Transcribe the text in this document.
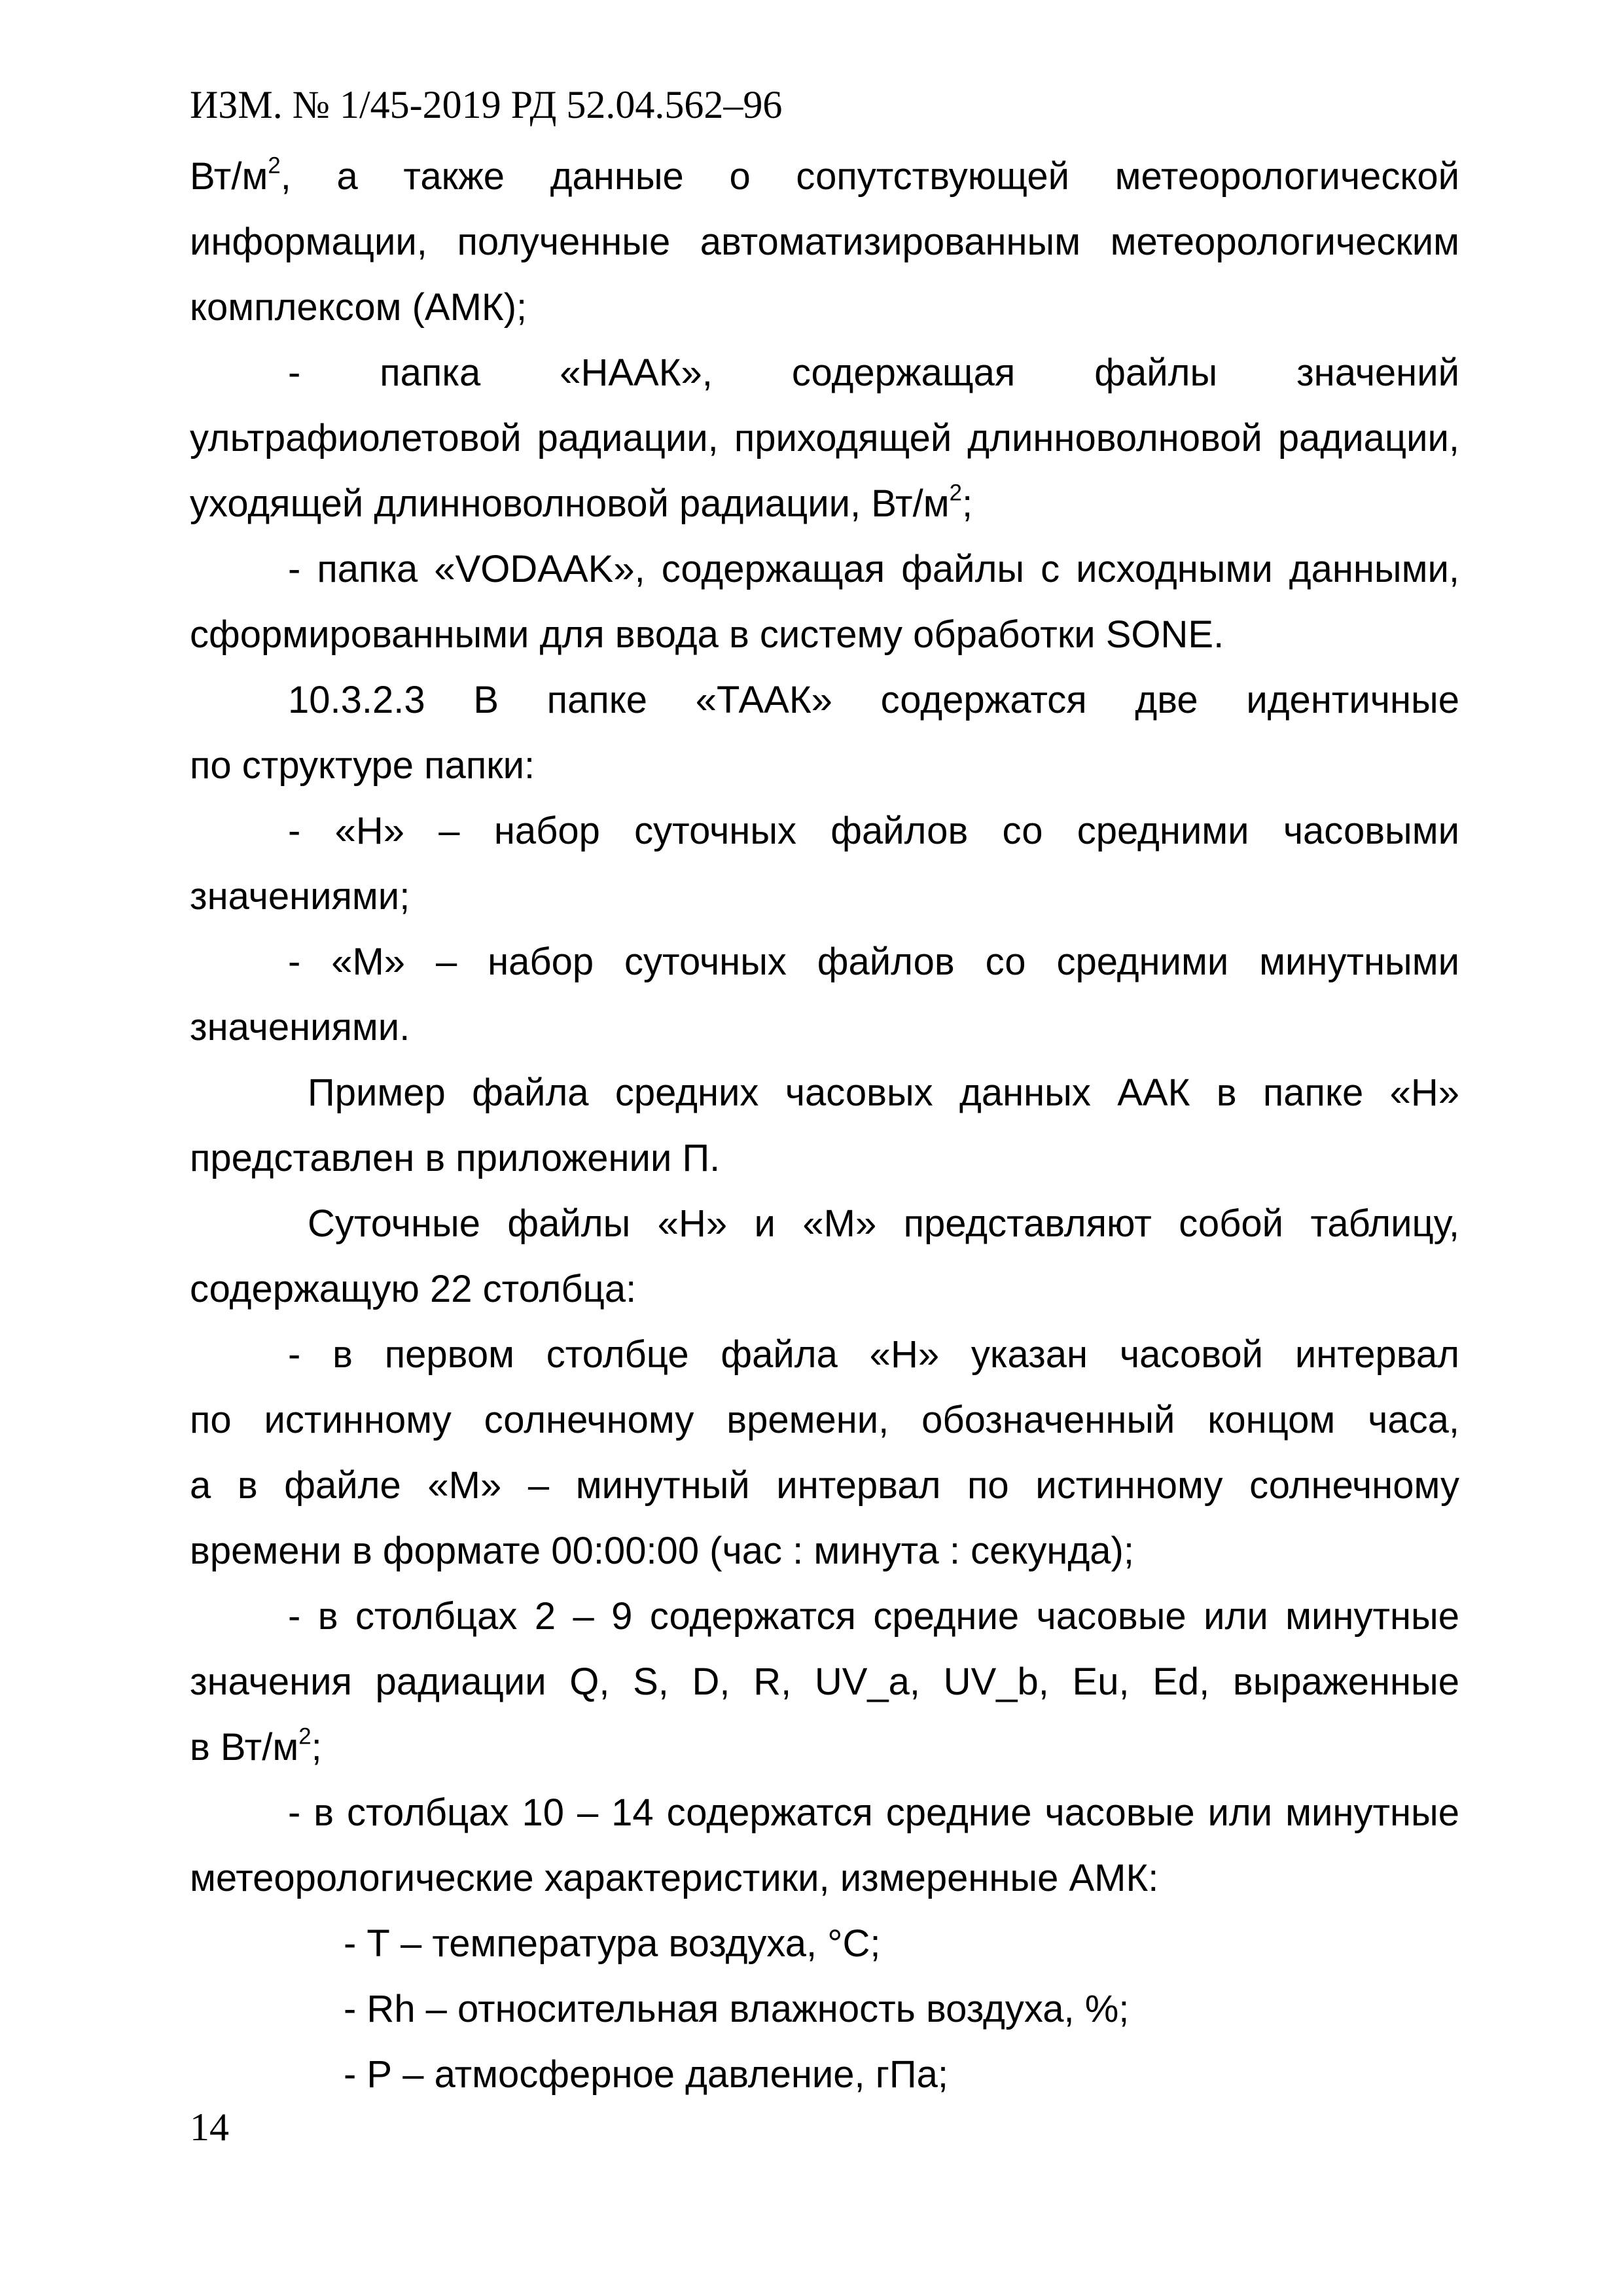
ИЗМ. № 1/45-2019 РД 52.04.562–96
$Вт/м^2$, а также данные о сопутствующей метеорологической
информации, полученные автоматизированным метеорологическим
комплексом (АМК);
- папка «НААК», содержащая файлы значений
ультрафиолетовой радиации, приходящей длинноволновой радиации,
уходящей длинноволновой радиации, $Вт/м^2$;
- папка «VODAAK», содержащая файлы с исходными данными,
сформированными для ввода в систему обработки SONE.
10.3.2.3 В папке «ТААК» содержатся две идентичные
по структуре папки:
- «Н» – набор суточных файлов со средними часовыми
значениями;
- «М» – набор суточных файлов со средними минутными
значениями.
Пример файла средних часовых данных ААК в папке «Н»
представлен в приложении П.
Суточные файлы «Н» и «М» представляют собой таблицу,
содержащую 22 столбца:
- в первом столбце файла «Н» указан часовой интервал
по истинному солнечному времени, обозначенный концом часа,
а в файле «М» – минутный интервал по истинному солнечному
времени в формате 00:00:00 (час : минута : секунда);
- в столбцах 2 – 9 содержатся средние часовые или минутные
значения радиации Q, S, D, R, UV_a, UV_b, Eu, Ed, выраженные
в $Вт/м^2$;
- в столбцах 10 – 14 содержатся средние часовые или минутные
метеорологические характеристики, измеренные АМК:
- Т – температура воздуха, °С;
- Rh – относительная влажность воздуха, %;
- Р – атмосферное давление, гПа;
14
